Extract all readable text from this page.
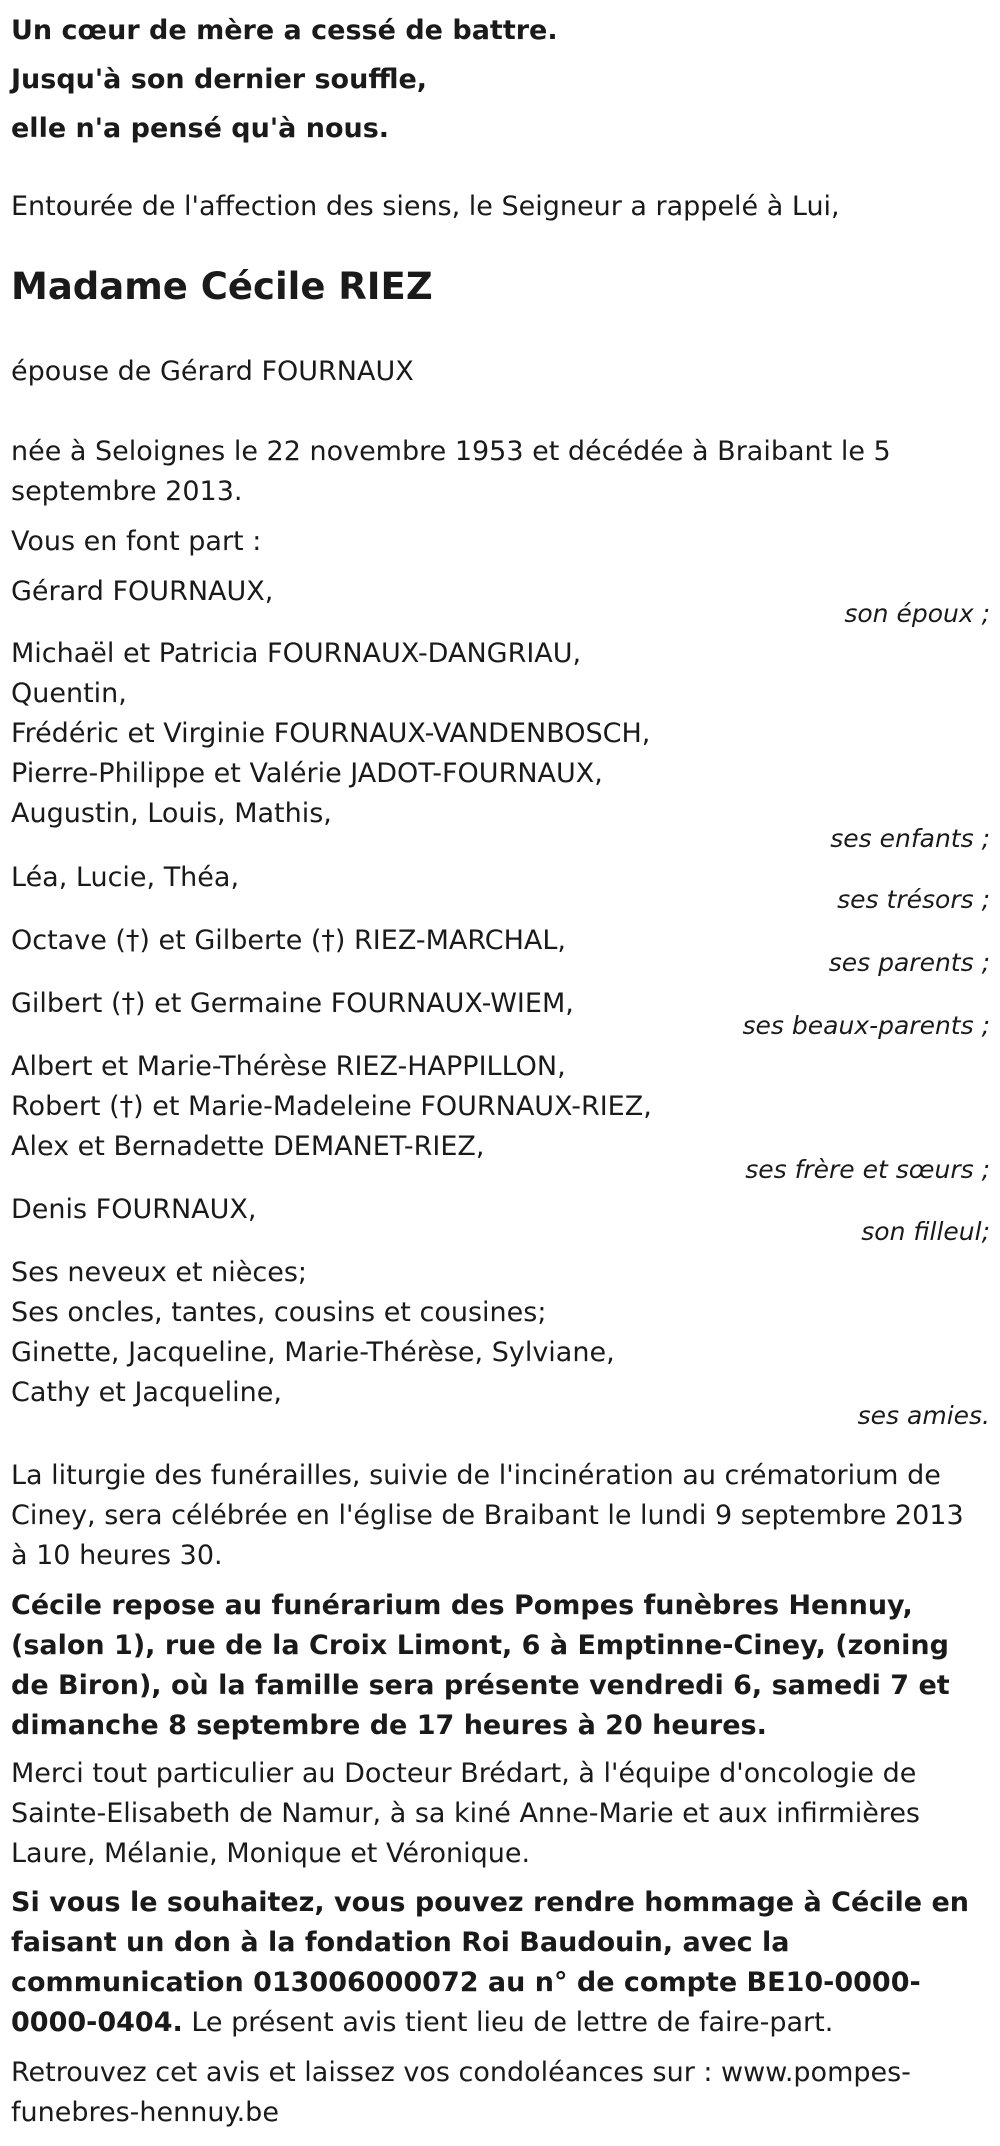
Un cœur de mère a cessé de battre.
Jusqu'à son dernier souffle,
elle n'a pensé qu'à nous.
Entourée de l'affection des siens, le Seigneur a rappelé à Lui,
Madame Cécile RIEZ
épouse de Gérard FOURNAUX
née à Seloignes le 22 novembre 1953 et décédée à Braibant le 5 septembre 2013.
Vous en font part :
Gérard FOURNAUX,
son époux ;
Michaël et Patricia FOURNAUX-DANGRIAU,
Quentin,
Frédéric et Virginie FOURNAUX-VANDENBOSCH,
Pierre-Philippe et Valérie JADOT-FOURNAUX,
Augustin, Louis, Mathis,
ses enfants ;
Léa, Lucie, Théa,
ses trésors ;
Octave (†) et Gilberte (†) RIEZ-MARCHAL,
ses parents ;
Gilbert (†) et Germaine FOURNAUX-WIEM,
ses beaux-parents ;
Albert et Marie-Thérèse RIEZ-HAPPILLON,
Robert (†) et Marie-Madeleine FOURNAUX-RIEZ,
Alex et Bernadette DEMANET-RIEZ,
ses frère et sœurs ;
Denis FOURNAUX,
son filleul;
Ses neveux et nièces;
Ses oncles, tantes, cousins et cousines;
Ginette, Jacqueline, Marie-Thérèse, Sylviane,
Cathy et Jacqueline,
ses amies.
La liturgie des funérailles, suivie de l'incinération au crématorium de Ciney, sera célébrée en l'église de Braibant le lundi 9 septembre 2013 à 10 heures 30.
Cécile repose au funérarium des Pompes funèbres Hennuy, (salon 1), rue de la Croix Limont, 6 à Emptinne-Ciney, (zoning de Biron), où la famille sera présente vendredi 6, samedi 7 et dimanche 8 septembre de 17 heures à 20 heures.
Merci tout particulier au Docteur Brédart, à l'équipe d'oncologie de Sainte-Elisabeth de Namur, à sa kiné Anne-Marie et aux infirmières Laure, Mélanie, Monique et Véronique.
Si vous le souhaitez, vous pouvez rendre hommage à Cécile en faisant un don à la fondation Roi Baudouin, avec la communication 013006000072 au n° de compte BE10-0000-0000-0404. Le présent avis tient lieu de lettre de faire-part.
Retrouvez cet avis et laissez vos condoléances sur : www.pompes-funebres-hennuy.be
